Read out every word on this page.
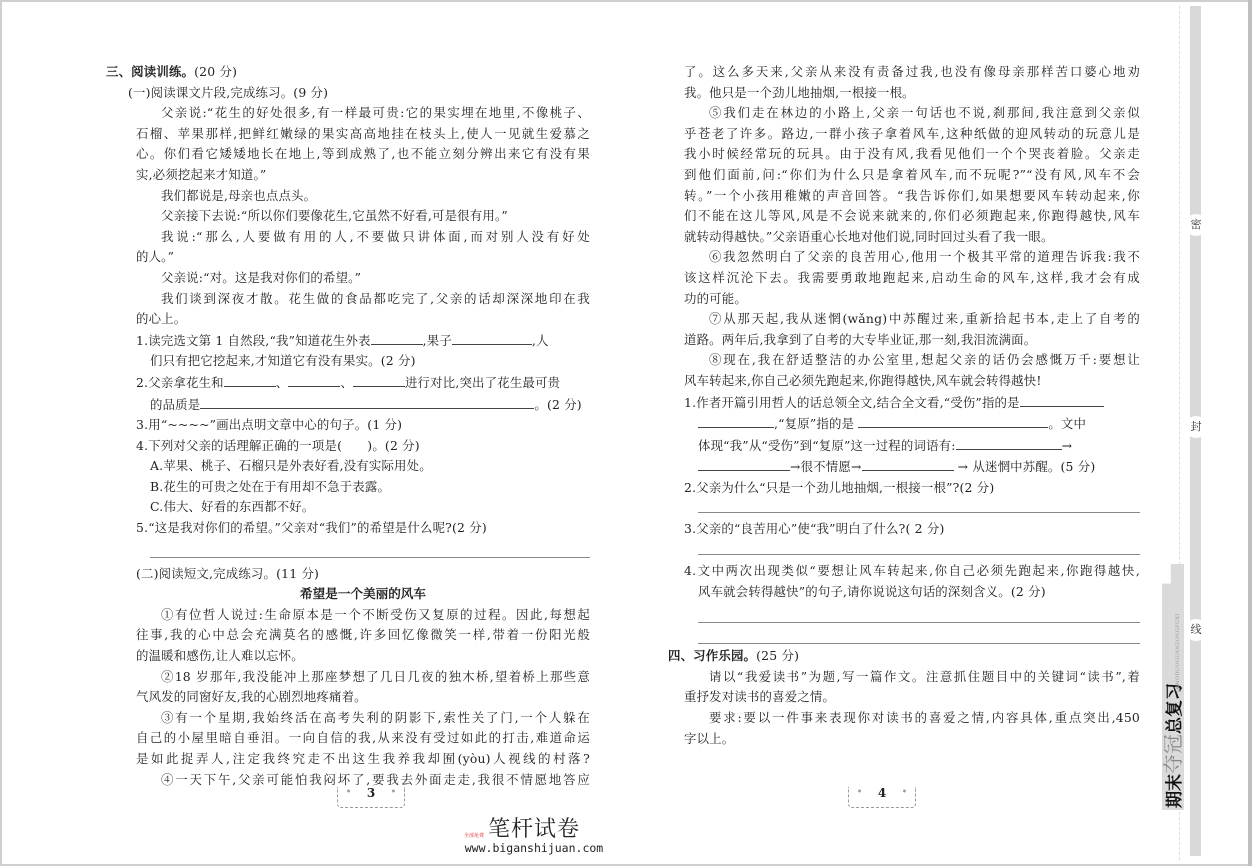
三、阅读训练。(20 分)
(一)阅读课文片段,完成练习。(9 分)
父亲说:“花生的好处很多,有一样最可贵:它的果实埋在地里,不像桃子、
石榴、苹果那样,把鲜红嫩绿的果实高高地挂在枝头上,使人一见就生爱慕之
心。你们看它矮矮地长在地上,等到成熟了,也不能立刻分辨出来它有没有果
实,必须挖起来才知道。”
我们都说是,母亲也点点头。
父亲接下去说:“所以你们要像花生,它虽然不好看,可是很有用。”
我说:“那么,人要做有用的人,不要做只讲体面,而对别人没有好处
的人。”
父亲说:“对。这是我对你们的希望。”
我们谈到深夜才散。花生做的食品都吃完了,父亲的话却深深地印在我
的心上。
1.读完选文第 1 自然段,“我”知道花生外表	,果子	,人
们只有把它挖起来,才知道它有没有果实。(2 分)
2.父亲拿花生和	、	、	进行对比,突出了花生最可贵
的品质是	。(2 分)
3.用“~~~~”画出点明文章中心的句子。(1 分)
4.下列对父亲的话理解正确的一项是(　　)。(2 分)
A.苹果、桃子、石榴只是外表好看,没有实际用处。
B.花生的可贵之处在于有用却不急于表露。
C.伟大、好看的东西都不好。
5.“这是我对你们的希望。”父亲对“我们”的希望是什么呢?(2 分)
(二)阅读短文,完成练习。(11 分)
希望是一个美丽的风车
①有位哲人说过:生命原本是一个不断受伤又复原的过程。因此,每想起
往事,我的心中总会充满莫名的感慨,许多回忆像微笑一样,带着一份阳光般
的温暖和感伤,让人难以忘怀。
②18 岁那年,我没能冲上那座梦想了几日几夜的独木桥,望着桥上那些意
气风发的同窗好友,我的心剧烈地疼痛着。
③有一个星期,我始终活在高考失利的阴影下,索性关了门,一个人躲在
自己的小屋里暗自垂泪。一向自信的我,从来没有受过如此的打击,难道命运
是如此捉弄人,注定我终究走不出这生我养我却囿(yòu)人视线的村落?
④一天下午,父亲可能怕我闷坏了,要我去外面走走,我很不情愿地答应
• 3 •
了。这么多天来,父亲从来没有责备过我,也没有像母亲那样苦口婆心地劝
我。他只是一个劲儿地抽烟,一根接一根。
⑤我们走在林边的小路上,父亲一句话也不说,刹那间,我注意到父亲似
乎苍老了许多。路边,一群小孩子拿着风车,这种纸做的迎风转动的玩意儿是
我小时候经常玩的玩具。由于没有风,我看见他们一个个哭丧着脸。父亲走
到他们面前,问:“你们为什么只是拿着风车,而不玩呢?”“没有风,风车不会
转。”一个小孩用稚嫩的声音回答。“我告诉你们,如果想要风车转动起来,你
们不能在这儿等风,风是不会说来就来的,你们必须跑起来,你跑得越快,风车
就转动得越快。”父亲语重心长地对他们说,同时回过头看了我一眼。
⑥我忽然明白了父亲的良苦用心,他用一个极其平常的道理告诉我:我不
该这样沉沦下去。我需要勇敢地跑起来,启动生命的风车,这样,我才会有成
功的可能。
⑦从那天起,我从迷惘(wǎng)中苏醒过来,重新拾起书本,走上了自考的
道路。两年后,我拿到了自考的大专毕业证,那一刻,我泪流满面。
⑧现在,我在舒适整洁的办公室里,想起父亲的话仍会感慨万千:要想让
风车转起来,你自己必须先跑起来,你跑得越快,风车就会转得越快!
1.作者开篇引用哲人的话总领全文,结合全文看,“受伤”指的是
,“复原”指的是	。文中
体现“我”从“受伤”到“复原”这一过程的词语有:	→
→很不情愿→	→ 从迷惘中苏醒。(5 分)
2.父亲为什么“只是一个劲儿地抽烟,一根接一根”?(2 分)
3.父亲的“良苦用心”使“我”明白了什么?( 2 分)
4.文中两次出现类似“要想让风车转起来,你自己必须先跑起来,你跑得越快,
风车就会转得越快”的句子,请你说说这句话的深刻含义。(2 分)
四、习作乐园。(25 分)
请以“我爱读书”为题,写一篇作文。注意抓住题目中的关键词“读书”,着
重抒发对读书的喜爱之情。
要求:要以一件事来表现你对读书的喜爱之情,内容具体,重点突出,450
字以上。
• 4 •
全部免费 笔杆试卷
www.biganshijuan.com
密
封
线
期末夺冠总复习
QIMODUOGUANZONGFUXI
